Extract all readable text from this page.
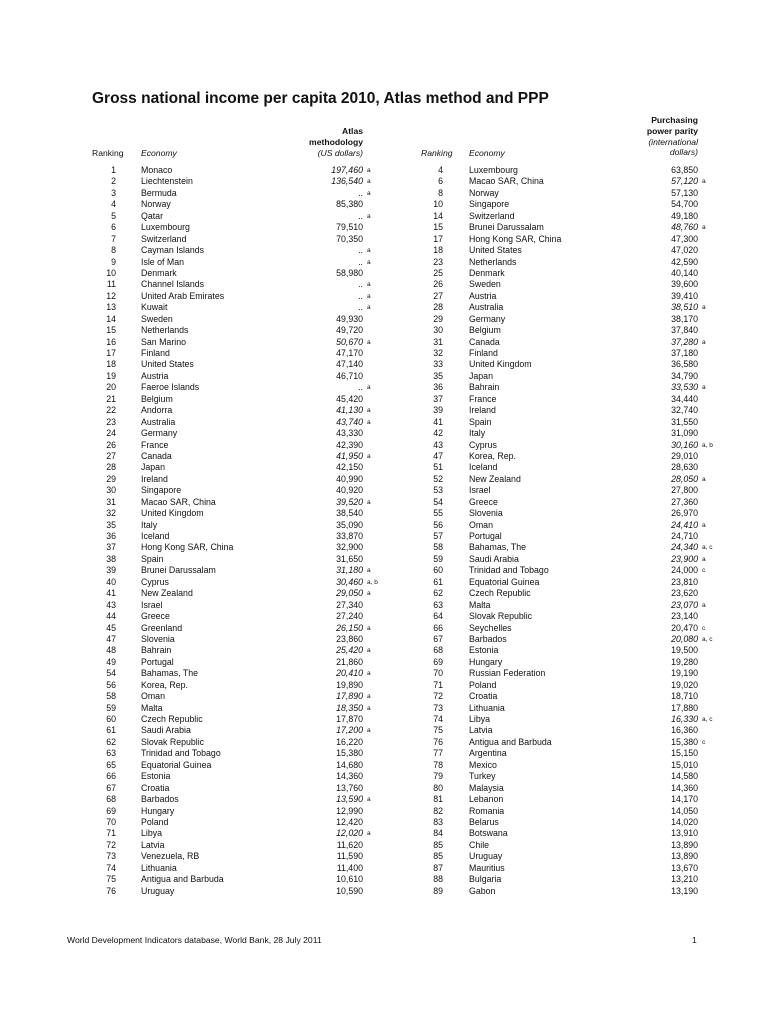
Gross national income per capita 2010, Atlas method and PPP
Atlas
methodology
(US dollars)
Purchasing
power parity
(international
dollars)
Ranking Economy	Ranking Economy
1	Monaco	197,460 a	4	Luxembourg	63,850
2	Liechtenstein	136,540 a	6	Macao SAR, China	57,120 a
3	Bermuda	.. a	8	Norway	57,130
4	Norway	85,380	10	Singapore	54,700
5	Qatar	.. a	14	Switzerland	49,180
6	Luxembourg	79,510	15	Brunei Darussalam	48,760 a
7	Switzerland	70,350	17	Hong Kong SAR, China	47,300
8	Cayman Islands	.. a	18	United States	47,020
9	Isle of Man	.. a	23	Netherlands	42,590
10	Denmark	58,980	25	Denmark	40,140
11	Channel Islands	.. a	26	Sweden	39,600
12	United Arab Emirates	.. a	27	Austria	39,410
13	Kuwait	.. a	28	Australia	38,510 a
14	Sweden	49,930	29	Germany	38,170
15	Netherlands	49,720	30	Belgium	37,840
16	San Marino	50,670 a	31	Canada	37,280 a
17	Finland	47,170	32	Finland	37,180
18	United States	47,140	33	United Kingdom	36,580
19	Austria	46,710	35	Japan	34,790
20	Faeroe Islands	.. a	36	Bahrain	33,530 a
21	Belgium	45,420	37	France	34,440
22	Andorra	41,130 a	39	Ireland	32,740
23	Australia	43,740 a	41	Spain	31,550
24	Germany	43,330	42	Italy	31,090
26	France	42,390	43	Cyprus	30,160 a, b
27	Canada	41,950 a	47	Korea, Rep.	29,010
28	Japan	42,150	51	Iceland	28,630
29	Ireland	40,990	52	New Zealand	28,050 a
30	Singapore	40,920	53	Israel	27,800
31	Macao SAR, China	39,520 a	54	Greece	27,360
32	United Kingdom	38,540	55	Slovenia	26,970
35	Italy	35,090	56	Oman	24,410 a
36	Iceland	33,870	57	Portugal	24,710
37	Hong Kong SAR, China	32,900	58	Bahamas, The	24,340 a, c
38	Spain	31,650	59	Saudi Arabia	23,900 a
39	Brunei Darussalam	31,180 a	60	Trinidad and Tobago	24,000 c
40	Cyprus	30,460 a, b	61	Equatorial Guinea	23,810
41	New Zealand	29,050 a	62	Czech Republic	23,620
43	Israel	27,340	63	Malta	23,070 a
44	Greece	27,240	64	Slovak Republic	23,140
45	Greenland	26,150 a	66	Seychelles	20,470 c
47	Slovenia	23,860	67	Barbados	20,080 a, c
48	Bahrain	25,420 a	68	Estonia	19,500
49	Portugal	21,860	69	Hungary	19,280
54	Bahamas, The	20,410 a	70	Russian Federation	19,190
56	Korea, Rep.	19,890	71	Poland	19,020
58	Oman	17,890 a	72	Croatia	18,710
59	Malta	18,350 a	73	Lithuania	17,880
60	Czech Republic	17,870	74	Libya	16,330 a, c
61	Saudi Arabia	17,200 a	75	Latvia	16,360
62	Slovak Republic	16,220	76	Antigua and Barbuda	15,380 c
63	Trinidad and Tobago	15,380	77	Argentina	15,150
65	Equatorial Guinea	14,680	78	Mexico	15,010
66	Estonia	14,360	79	Turkey	14,580
67	Croatia	13,760	80	Malaysia	14,360
68	Barbados	13,590 a	81	Lebanon	14,170
69	Hungary	12,990	82	Romania	14,050
70	Poland	12,420	83	Belarus	14,020
71	Libya	12,020 a	84	Botswana	13,910
72	Latvia	11,620	85	Chile	13,890
73	Venezuela, RB	11,590	85	Uruguay	13,890
74	Lithuania	11,400	87	Mauritius	13,670
75	Antigua and Barbuda	10,610	88	Bulgaria	13,210
76	Uruguay	10,590	89	Gabon	13,190
World Development Indicators database, World Bank, 28 July 2011	1
